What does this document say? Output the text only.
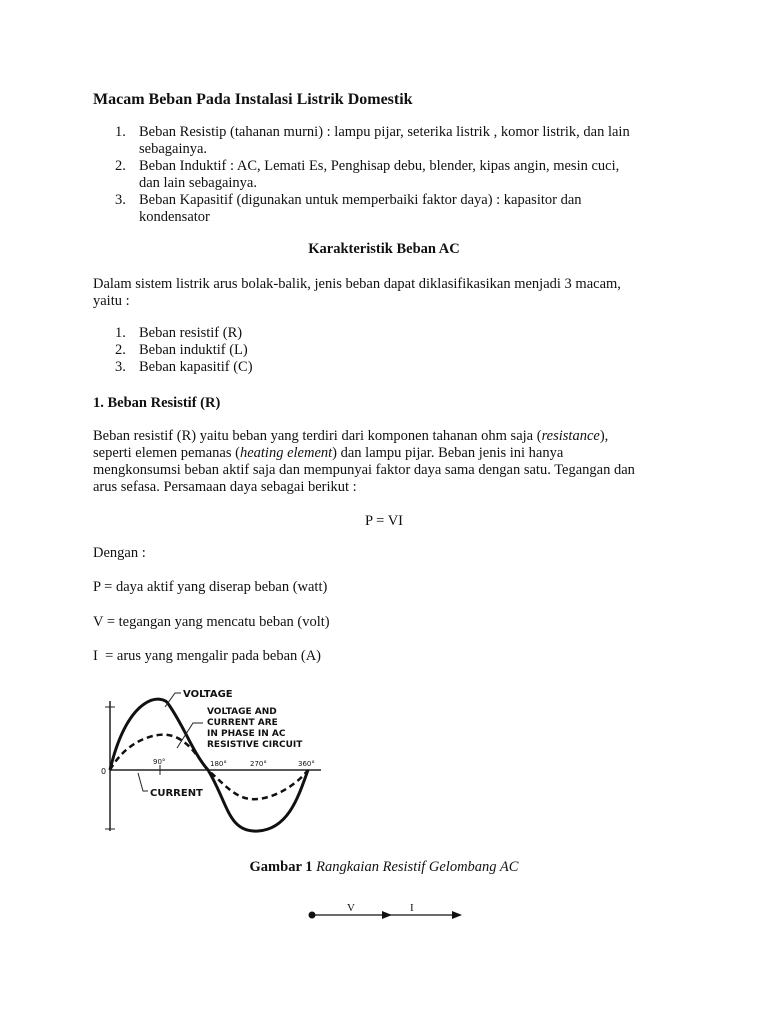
Macam Beban Pada Instalasi Listrik Domestik
1. Beban Resistip (tahanan murni) : lampu pijar, seterika listrik , komor listrik, dan lain
sebagainya.
2. Beban Induktif : AC, Lemati Es, Penghisap debu, blender, kipas angin, mesin cuci,
dan lain sebagainya.
3. Beban Kapasitif (digunakan untuk memperbaiki faktor daya) : kapasitor dan
kondensator
Karakteristik Beban AC
Dalam sistem listrik arus bolak-balik, jenis beban dapat diklasifikasikan menjadi 3 macam,
yaitu :
1. Beban resistif (R)
2. Beban induktif (L)
3. Beban kapasitif (C)
1. Beban Resistif (R)
Beban resistif (R) yaitu beban yang terdiri dari komponen tahanan ohm saja (resistance),
seperti elemen pemanas (heating element) dan lampu pijar. Beban jenis ini hanya
mengkonsumsi beban aktif saja dan mempunyai faktor daya sama dengan satu. Tegangan dan
arus sefasa. Persamaan daya sebagai berikut :
P = VI
Dengan :
P = daya aktif yang diserap beban (watt)
V = tegangan yang mencatu beban (volt)
I  = arus yang mengalir pada beban (A)
VOLTAGE
VOLTAGE AND
CURRENT ARE
IN PHASE IN AC
RESISTIVE CIRCUIT
0
90°	180°	270°	360°
CURRENT
Gambar 1 Rangkaian Resistif Gelombang AC
V	I
